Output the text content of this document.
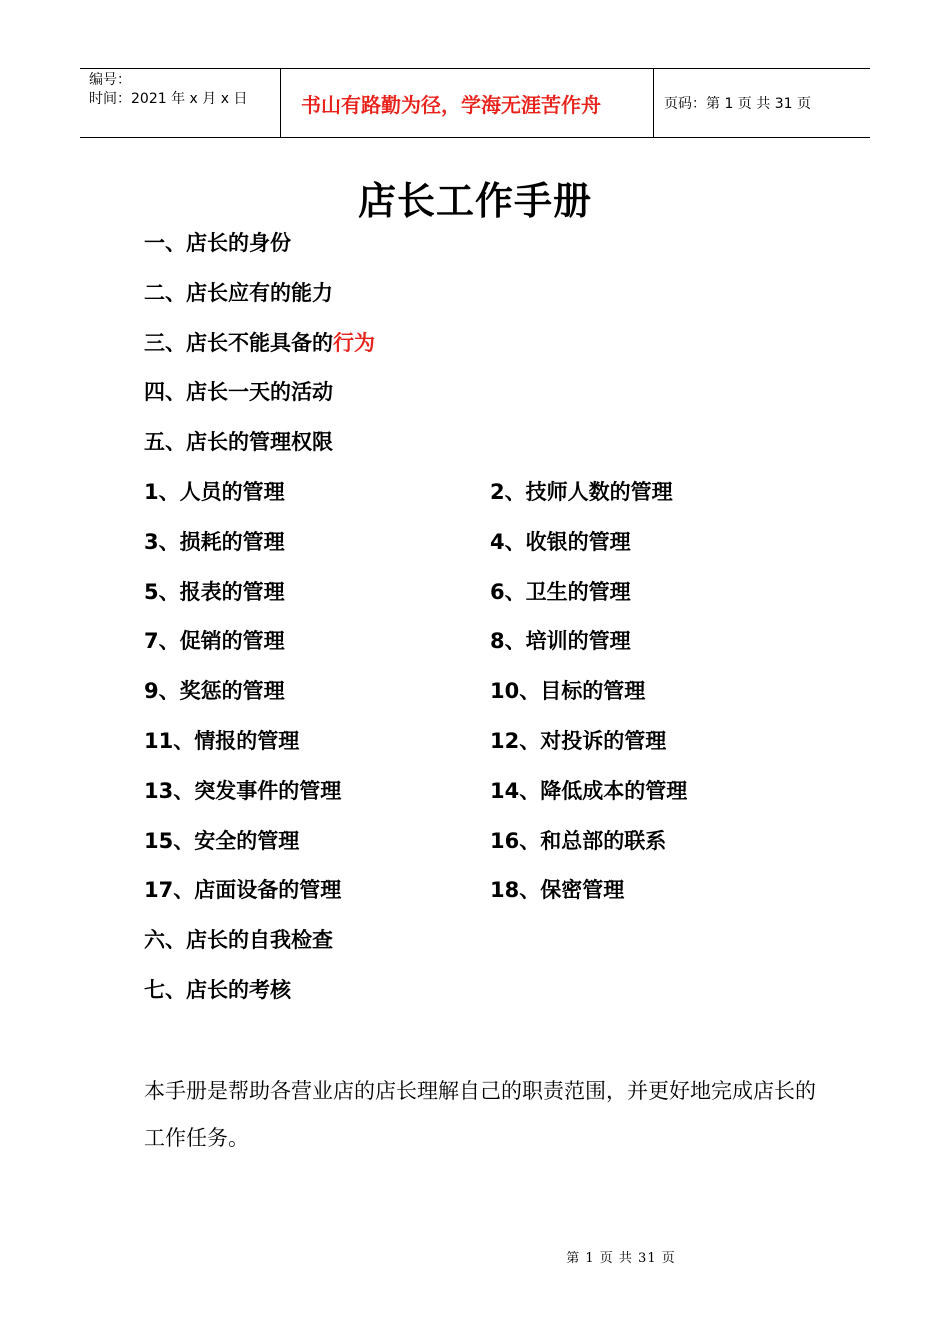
编号：
时间：2021 年 x 月 x 日	书山有路勤为径，学海无涯苦作舟	页码：第 1 页 共 31 页
店长工作手册
一、店长的身份
二、店长应有的能力
三、店长不能具备的行为
四、店长一天的活动
五、店长的管理权限
1、人员的管理	2、技师人数的管理
3、损耗的管理	4、收银的管理
5、报表的管理	6、卫生的管理
7、促销的管理	8、培训的管理
9、奖惩的管理	10、目标的管理
11、情报的管理	12、对投诉的管理
13、突发事件的管理	14、降低成本的管理
15、安全的管理	16、和总部的联系
17、店面设备的管理	18、保密管理
六、店长的自我检查
七、店长的考核
本手册是帮助各营业店的店长理解自己的职责范围，并更好地完成店长的工作任务。
第 1 页 共 31 页
